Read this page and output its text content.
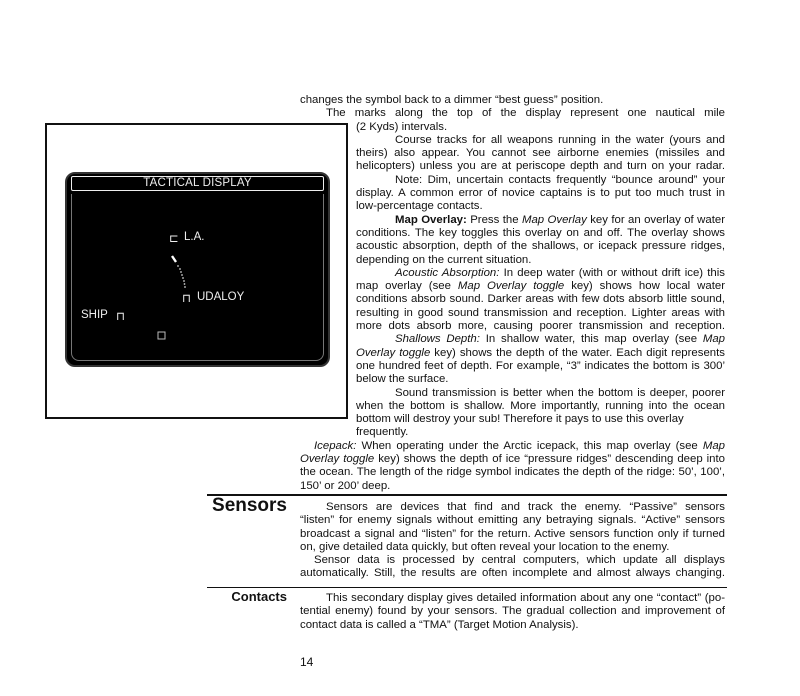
TACTICAL DISPLAY
⊏ L.A.
⊓ UDALOY
SHIP ⊓
changes the symbol back to a dimmer “best guess” position.
The marks along the top of the display represent one nautical mile
(2 Kyds) intervals.
Course tracks for all weapons running in the water (yours and
theirs) also appear. You cannot see airborne enemies (missiles and
helicopters) unless you are at periscope depth and turn on your radar.
Note: Dim, uncertain contacts frequently “bounce around” your
display. A common error of novice captains is to put too much trust in
low-percentage contacts.
Map Overlay: Press the Map Overlay key for an overlay of water
conditions. The key toggles this overlay on and off. The overlay shows
acoustic absorption, depth of the shallows, or icepack pressure ridges,
depending on the current situation.
Acoustic Absorption: In deep water (with or without drift ice) this
map overlay (see Map Overlay toggle key) shows how local water
conditions absorb sound. Darker areas with few dots absorb little sound,
resulting in good sound transmission and reception. Lighter areas with
more dots absorb more, causing poorer transmission and reception.
Shallows Depth: In shallow water, this map overlay (see Map
Overlay toggle key) shows the depth of the water. Each digit represents
one hundred feet of depth. For example, “3” indicates the bottom is 300’
below the surface.
Sound transmission is better when the bottom is deeper, poorer
when the bottom is shallow. More importantly, running into the ocean
bottom will destroy your sub! Therefore it pays to use this overlay
frequently.
Icepack: When operating under the Arctic icepack, this map overlay (see Map
Overlay toggle key) shows the depth of ice “pressure ridges” descending deep into
the ocean. The length of the ridge symbol indicates the depth of the ridge: 50’, 100’,
150’ or 200’ deep.
Sensors	Sensors are devices that find and track the enemy. “Passive” sensors
“listen” for enemy signals without emitting any betraying signals. “Active” sensors
broadcast a signal and “listen” for the return. Active sensors function only if turned
on, give detailed data quickly, but often reveal your location to the enemy.
Sensor data is processed by central computers, which update all displays
automatically. Still, the results are often incomplete and almost always changing.
Contacts	This secondary display gives detailed information about any one “contact” (po-
tential enemy) found by your sensors. The gradual collection and improvement of
contact data is called a “TMA” (Target Motion Analysis).
14
